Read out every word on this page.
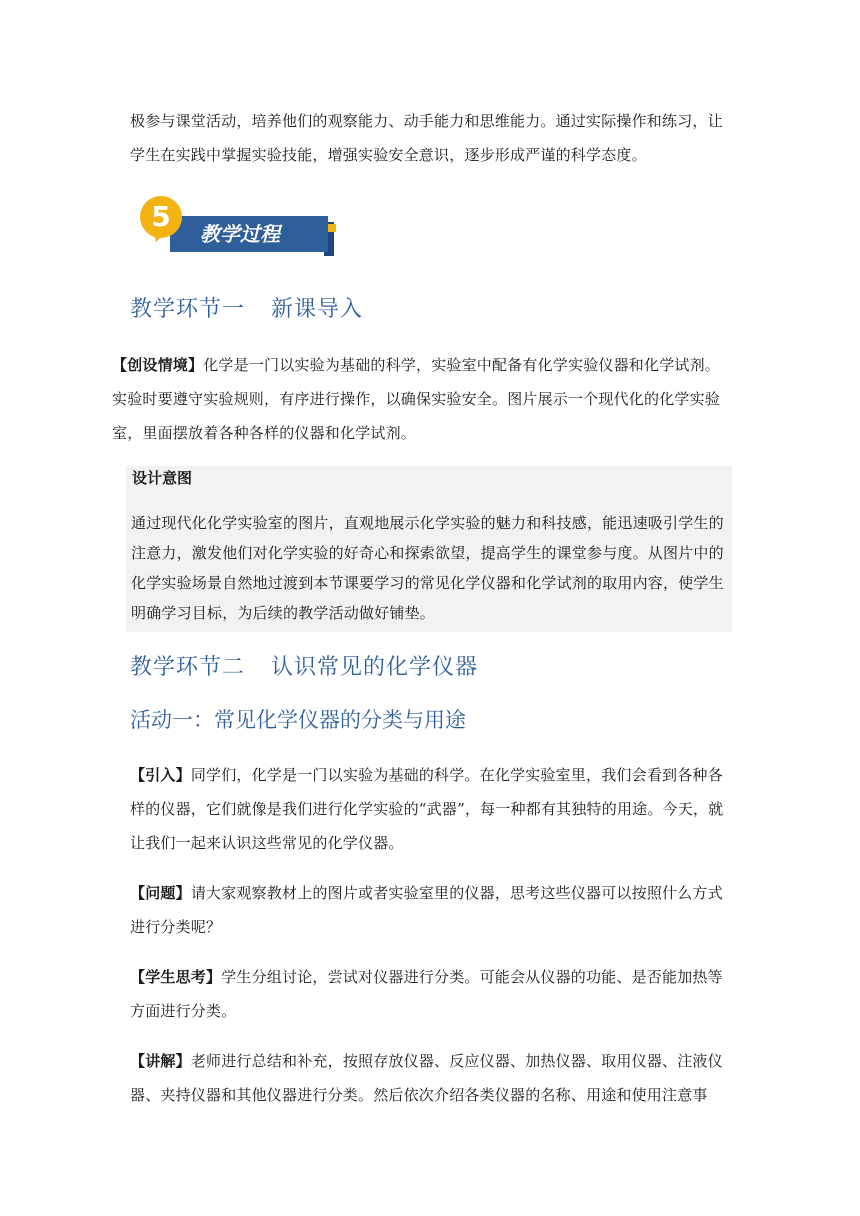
极参与课堂活动，培养他们的观察能力、动手能力和思维能力。通过实际操作和练习，让

学生在实践中掌握实验技能，增强实验安全意识，逐步形成严谨的科学态度。

教学过程
5
教学环节一 新课导入

【创设情境】化学是一门以实验为基础的科学，实验室中配备有化学实验仪器和化学试剂。

实验时要遵守实验规则，有序进行操作，以确保实验安全。图片展示一个现代化的化学实验

室，里面摆放着各种各样的仪器和化学试剂。

设计意图
通过现代化化学实验室的图片，直观地展示化学实验的魅力和科技感，能迅速吸引学生的
注意力，激发他们对化学实验的好奇心和探索欲望，提高学生的课堂参与度。从图片中的
化学实验场景自然地过渡到本节课要学习的常见化学仪器和化学试剂的取用内容，使学生
明确学习目标，为后续的教学活动做好铺垫。
教学环节二 认识常见的化学仪器
活动一：常见化学仪器的分类与用途

【引入】同学们，化学是一门以实验为基础的科学。在化学实验室里，我们会看到各种各

样的仪器，它们就像是我们进行化学实验的“武器”，每一种都有其独特的用途。今天，就

让我们一起来认识这些常见的化学仪器。

【问题】请大家观察教材上的图片或者实验室里的仪器，思考这些仪器可以按照什么方式

进行分类呢？

【学生思考】学生分组讨论，尝试对仪器进行分类。可能会从仪器的功能、是否能加热等

方面进行分类。

【讲解】老师进行总结和补充，按照存放仪器、反应仪器、加热仪器、取用仪器、注液仪

器、夹持仪器和其他仪器进行分类。然后依次介绍各类仪器的名称、用途和使用注意事
